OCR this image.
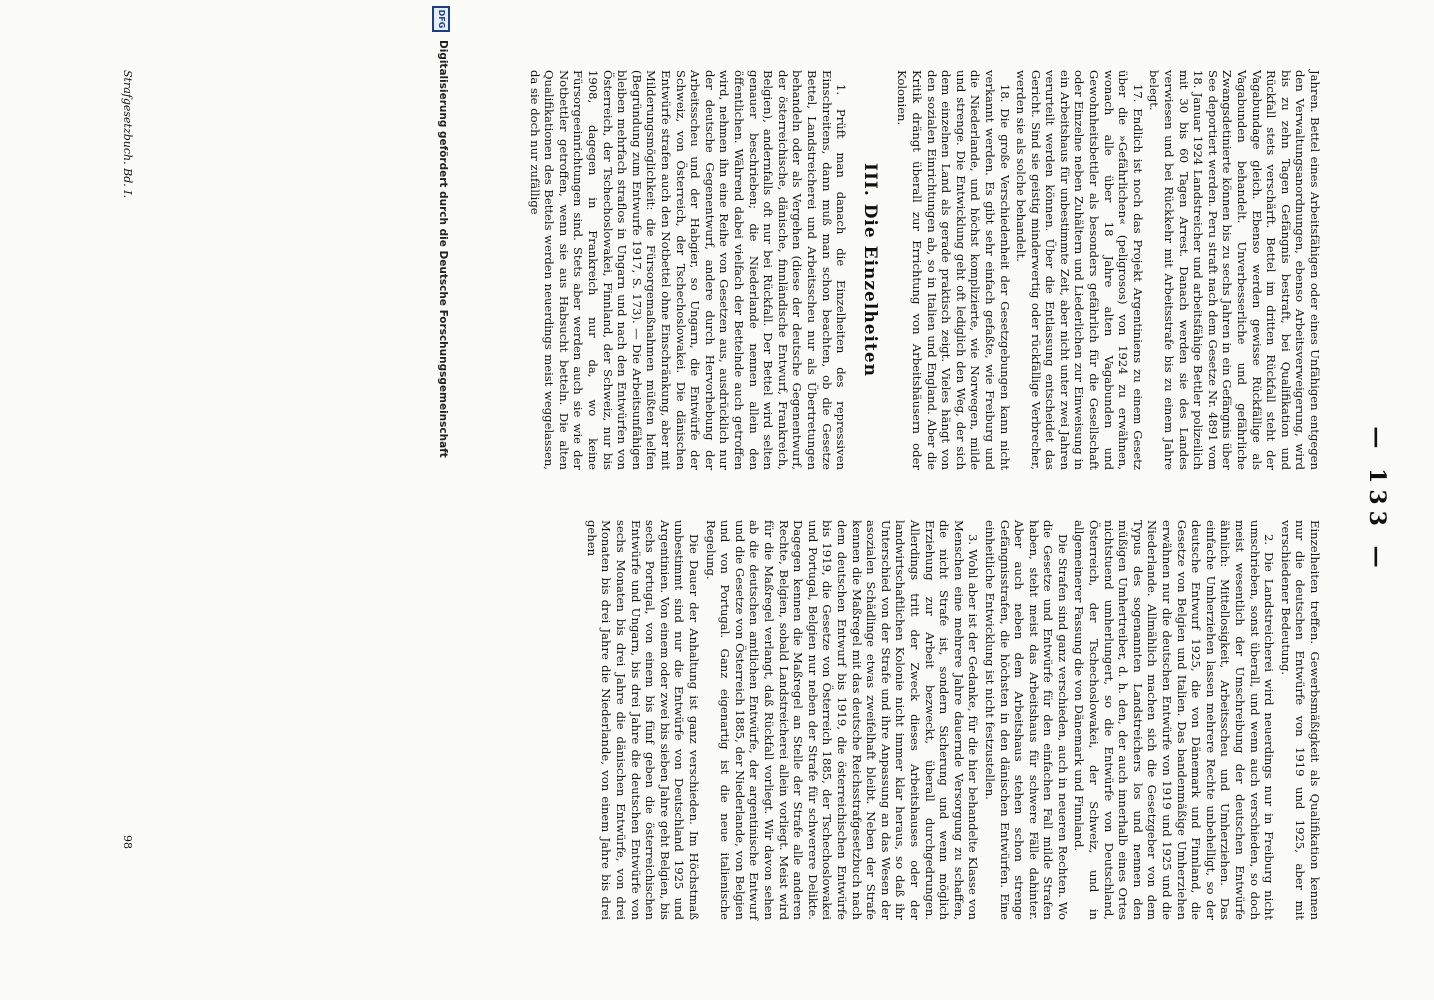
— 133 —

Jahren. Bettel eines Arbeitsfähigen oder eines Unfähigen entgegen den Verwaltungsanordnungen, ebenso Arbeitsverweigerung, wird bis zu zehn Tagen Gefängnis bestraft, bei Qualifikation und Rückfall stets verschärft. Bettel im dritten Rückfall steht der Vagabundage gleich. Ebenso werden gewisse Rückfällige als Vagabunden behandelt. Unverbesserliche und gefährliche Zwangsdetinierte können bis zu sechs Jahren in ein Gefängnis über See deportiert werden. Peru straft nach dem Gesetze Nr. 4891 vom 18. Januar 1924 Landstreicher und arbeitsfähige Bettler polizeilich mit 30 bis 60 Tagen Arrest. Danach werden sie des Landes verwiesen und bei Rückkehr mit Arbeitsstrafe bis zu einem Jahre belegt.

17. Endlich ist noch das Projekt Argentiniens zu einem Gesetz über die »Gefährlichen« (peligrosos) von 1924 zu erwähnen, wonach alle über 18 Jahre alten Vagabunden und Gewohnheitsbettler als besonders gefährlich für die Gesellschaft oder Einzelne neben Zuhältern und Liederlichen zur Einweisung in ein Arbeitshaus für unbestimmte Zeit, aber nicht unter zwei Jahren verurteilt werden können. Über die Entlassung entscheidet das Gericht. Sind sie geistig minderwertig oder rückfällige Verbrecher, werden sie als solche behandelt.

18. Die große Verschiedenheit der Gesetzgebungen kann nicht verkannt werden. Es gibt sehr einfach gefaßte, wie Freiburg und die Niederlande, und höchst komplizierte, wie Norwegen, milde und strenge. Die Entwicklung geht oft lediglich den Weg, der sich dem einzelnen Land als gerade praktisch zeigt. Vieles hängt von den sozialen Einrichtungen ab, so in Italien und England. Aber die Kritik drängt überall zur Errichtung von Arbeitshäusern oder Kolonien.

III. Die Einzelheiten

1. Prüft man danach die Einzelheiten des repressiven Einschreitens, dann muß man schon beachten, ob die Gesetze Bettel, Landstreicherei und Arbeitsscheu nur als Übertretungen behandeln oder als Vergehen (diese der deutsche Gegenentwurf, der österreichische, dänische, finnländische Entwurf, Frankreich, Belgien), andernfalls oft nur bei Rückfall. Der Bettel wird selten genauer beschrieben; die Niederlande nennen allein den öffentlichen. Während dabei vielfach der Bettelnde auch getroffen wird, nehmen ihn eine Reihe von Gesetzen aus, ausdrücklich nur der deutsche Gegenentwurf, andere durch Hervorhebung der Arbeitsscheu und der Habgier, so Ungarn, die Entwürfe der Schweiz, von Österreich, der Tschechoslowakei. Die dänischen Entwürfe strafen auch den Notbettel ohne Einschränkung, aber mit Milderungsmöglichkeit: die Fürsorgemaßnahmen müßten helfen (Begründung zum Entwurfe 1917, S. 173). — Die Arbeitsunfähigen bleiben mehrfach straflos in Ungarn und nach den Entwürfen von Österreich, der Tschechoslowakei, Finnland, der Schweiz, nur bis 1908, dagegen in Frankreich nur da, wo keine Fürsorgeeinrichtungen sind. Stets aber werden auch sie wie der Notbettler getroffen, wenn sie aus Habsucht betteln. Die alten Qualifikationen des Bettels werden neuerdings meist weggelassen, da sie doch nur zufällige

Einzelheiten treffen. Gewerbsmäßigkeit als Qualifikation kennen nur die deutschen Entwürfe von 1919 und 1925, aber mit verschiedener Bedeutung.

2. Die Landstreicherei wird neuerdings nur in Freiburg nicht umschrieben, sonst überall, und wenn auch verschieden, so doch meist wesentlich der Umschreibung der deutschen Entwürfe ähnlich: Mittellosigkeit, Arbeitsscheu und Umherziehen. Das einfache Umherziehen lassen mehrere Rechte unbehelligt, so der deutsche Entwurf 1925, die von Dänemark und Finnland, die Gesetze von Belgien und Italien. Das bandenmäßige Umherziehen erwähnen nur die deutschen Entwürfe von 1919 und 1925 und die Niederlande. Allmählich machen sich die Gesetzgeber von dem Typus des sogenannten Landstreichers los und nennen den müßigen Umhertreiber, d. h. den, der auch innerhalb eines Ortes nichtstuend umherlungert, so die Entwürfe von Deutschland, Österreich, der Tschechoslowakei, der Schweiz, und in allgemeinerer Fassung die von Dänemark und Finnland.

Die Strafen sind ganz verschieden, auch in neueren Rechten. Wo die Gesetze und Entwürfe für den einfachen Fall milde Strafen haben, steht meist das Arbeitshaus für schwere Fälle dahinter. Aber auch neben dem Arbeitshaus stehen schon strenge Gefängnisstrafen, die höchsten in den dänischen Entwürfen. Eine einheitliche Entwicklung ist nicht festzustellen.

3. Wohl aber ist der Gedanke, für die hier behandelte Klasse von Menschen eine mehrere Jahre dauernde Versorgung zu schaffen, die nicht Strafe ist, sondern Sicherung und wenn möglich Erziehung zur Arbeit bezweckt, überall durchgedrungen. Allerdings tritt der Zweck dieses Arbeitshauses oder der landwirtschaftlichen Kolonie nicht immer klar heraus, so daß ihr Unterschied von der Strafe und ihre Anpassung an das Wesen der asozialen Schädlinge etwas zweifelhaft bleibt. Neben der Strafe kennen die Maßregel mit das deutsche Reichsstrafgesetzbuch nach dem deutschen Entwurf bis 1919, die österreichischen Entwürfe bis 1919, die Gesetze von Österreich 1885, der Tschechoslowakei und Portugal, Belgien nur neben der Strafe für schwerere Delikte. Dagegen kennen die Maßregel an Stelle der Strafe alle anderen Rechte, Belgien, sobald Landstreicherei allein vorliegt. Meist wird für die Maßregel verlangt, daß Rückfall vorliegt. Wir davon sehen ab die deutschen amtlichen Entwürfe, der argentinische Entwurf und die Gesetze von Österreich 1885, der Niederlande, von Belgien und von Portugal. Ganz eigenartig ist die neue italienische Regelung.

Die Dauer der Anhaltung ist ganz verschieden. Im Höchstmaß unbestimmt sind nur die Entwürfe von Deutschland 1925 und Argentinien. Von einem oder zwei bis sieben Jahre geht Belgien, bis sechs Portugal, von einem bis fünf geben die österreichischen Entwürfe und Ungarn, bis drei Jahre die deutschen Entwürfe von sechs Monaten bis drei Jahre die dänischen Entwürfe, von drei Monaten bis drei Jahre die Niederlande, von einem Jahre bis drei gehen

Strafgesetzbuch. Bd. I.
98
DFG
Digitalisierung gefördert durch die Deutsche Forschungsgemeinschaft
